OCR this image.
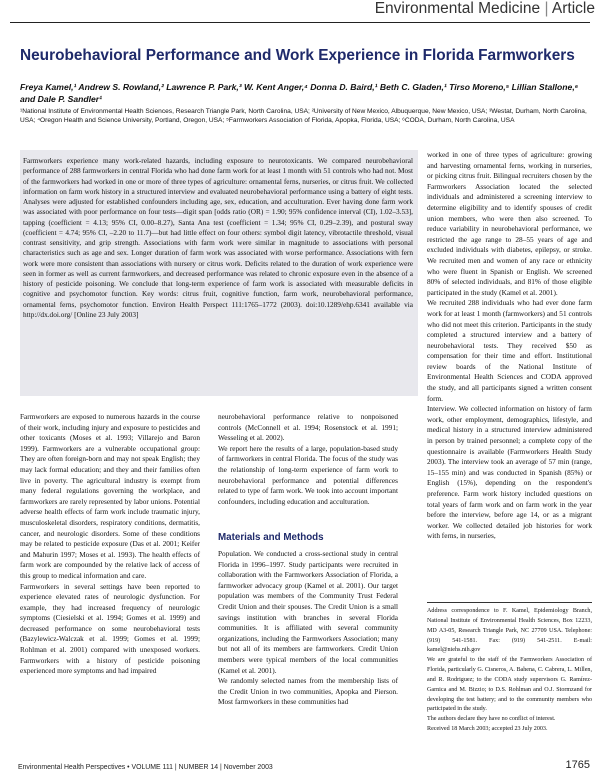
Environmental Medicine | Article
Neurobehavioral Performance and Work Experience in Florida Farmworkers
Freya Kamel,¹ Andrew S. Rowland,² Lawrence P. Park,³ W. Kent Anger,⁴ Donna D. Baird,¹ Beth C. Gladen,¹ Tirso Moreno,⁵ Lillian Stallone,⁶ and Dale P. Sandler¹
¹National Institute of Environmental Health Sciences, Research Triangle Park, North Carolina, USA; ²University of New Mexico, Albuquerque, New Mexico, USA; ³Westat, Durham, North Carolina, USA; ⁴Oregon Health and Science University, Portland, Oregon, USA; ⁵Farmworkers Association of Florida, Apopka, Florida, USA; ⁶CODA, Durham, North Carolina, USA
Farmworkers experience many work-related hazards, including exposure to neurotoxicants. We compared neurobehavioral performance of 288 farmworkers in central Florida who had done farm work for at least 1 month with 51 controls who had not. Most of the farmworkers had worked in one or more of three types of agriculture: ornamental ferns, nurseries, or citrus fruit. We collected information on farm work history in a structured interview and evaluated neurobehavioral performance using a battery of eight tests. Analyses were adjusted for established confounders including age, sex, education, and acculturation. Ever having done farm work was associated with poor performance on four tests—digit span [odds ratio (OR) = 1.90; 95% confidence interval (CI), 1.02–3.53], tapping (coefficient = 4.13; 95% CI, 0.00–8.27), Santa Ana test (coefficient = 1.34; 95% CI, 0.29–2.39), and postural sway (coefficient = 4.74; 95% CI, –2.20 to 11.7)—but had little effect on four others: symbol digit latency, vibrotactile threshold, visual contrast sensitivity, and grip strength. Associations with farm work were similar in magnitude to associations with personal characteristics such as age and sex. Longer duration of farm work was associated with worse performance. Associations with fern work were more consistent than associations with nursery or citrus work. Deficits related to the duration of work experience were seen in former as well as current farmworkers, and decreased performance was related to chronic exposure even in the absence of a history of pesticide poisoning. We conclude that long-term experience of farm work is associated with measurable deficits in cognitive and psychomotor function. Key words: citrus fruit, cognitive function, farm work, neurobehavioral performance, ornamental ferns, psychomotor function. Environ Health Perspect 111:1765–1772 (2003). doi:10.1289/ehp.6341 available via http://dx.doi.org/ [Online 23 July 2003]
Farmworkers are exposed to numerous hazards in the course of their work, including injury and exposure to pesticides and other toxicants (Moses et al. 1993; Villarejo and Baron 1999). Farmworkers are a vulnerable occupational group: They are often foreign-born and may not speak English; they may lack formal education; and they and their families often live in poverty. The agricultural industry is exempt from many federal regulations governing the workplace, and farmworkers are rarely represented by labor unions. Potential adverse health effects of farm work include traumatic injury, musculoskeletal disorders, respiratory conditions, dermatitis, cancer, and neurologic disorders. Some of these conditions may be related to pesticide exposure (Das et al. 2001; Keifer and Mahurin 1997; Moses et al. 1993). The health effects of farm work are compounded by the relative lack of access of this group to medical information and care.
Farmworkers in several settings have been reported to experience elevated rates of neurologic dysfunction. For example, they had increased frequency of neurologic symptoms (Ciesielski et al. 1994; Gomes et al. 1999) and decreased performance on some neurobehavioral tests (Bazylewicz-Walczak et al. 1999; Gomes et al. 1999; Rohlman et al. 2001) compared with unexposed workers. Farmworkers with a history of pesticide poisoning experienced more symptoms and had impaired
neurobehavioral performance relative to nonpoisoned controls (McConnell et al. 1994; Rosenstock et al. 1991; Wesseling et al. 2002).
We report here the results of a large, population-based study of farmworkers in central Florida. The focus of the study was the relationship of long-term experience of farm work to neurobehavioral performance and potential differences related to type of farm work. We took into account important confounders, including education and acculturation.
Materials and Methods
Population. We conducted a cross-sectional study in central Florida in 1996–1997. Study participants were recruited in collaboration with the Farmworkers Association of Florida, a farmworker advocacy group (Kamel et al. 2001). Our target population was members of the Community Trust Federal Credit Union and their spouses. The Credit Union is a small savings institution with branches in several Florida communities. It is affiliated with several community organizations, including the Farmworkers Association; many but not all of its members are farmworkers. Credit Union members were typical members of the local communities (Kamel et al. 2001).
We randomly selected names from the membership lists of the Credit Union in two communities, Apopka and Pierson. Most farmworkers in these communities had
worked in one of three types of agriculture: growing and harvesting ornamental ferns, working in nurseries, or picking citrus fruit. Bilingual recruiters chosen by the Farmworkers Association located the selected individuals and administered a screening interview to determine eligibility and to identify spouses of credit union members, who were then also screened. To reduce variability in neurobehavioral performance, we restricted the age range to 28–55 years of age and excluded individuals with diabetes, epilepsy, or stroke. We recruited men and women of any race or ethnicity who were fluent in Spanish or English. We screened 80% of selected individuals, and 81% of those eligible participated in the study (Kamel et al. 2001).
We recruited 288 individuals who had ever done farm work for at least 1 month (farmworkers) and 51 controls who did not meet this criterion. Participants in the study completed a structured interview and a battery of neurobehavioral tests. They received $50 as compensation for their time and effort. Institutional review boards of the National Institute of Environmental Health Sciences and CODA approved the study, and all participants signed a written consent form.
Interview. We collected information on history of farm work, other employment, demographics, lifestyle, and medical history in a structured interview administered in person by trained personnel; a complete copy of the questionnaire is available (Farmworkers Health Study 2003). The interview took an average of 57 min (range, 15–155 min) and was conducted in Spanish (85%) or English (15%), depending on the respondent's preference. Farm work history included questions on total years of farm work and on farm work in the year before the interview, before age 14, or as a migrant worker. We collected detailed job histories for work with ferns, in nurseries,
Address correspondence to F. Kamel, Epidemiology Branch, National Institute of Environmental Health Sciences, Box 12233, MD A3-05, Research Triangle Park, NC 27709 USA. Telephone: (919) 541-1581. Fax: (919) 541-2511. E-mail: kamel@niehs.nih.gov
We are grateful to the staff of the Farmworkers Association of Florida, particularly G. Cisneros, A. Bahena, C. Cabrera, L. Millen, and R. Rodriguez; to the CODA study supervisors G. Ramírez-Garnica and M. Bizzio; to D.S. Rohlman and O.J. Stormzand for developing the test battery; and to the community members who participated in the study.
The authors declare they have no conflict of interest.
Received 18 March 2003; accepted 23 July 2003.
Environmental Health Perspectives • VOLUME 111 | NUMBER 14 | November 2003	1765
